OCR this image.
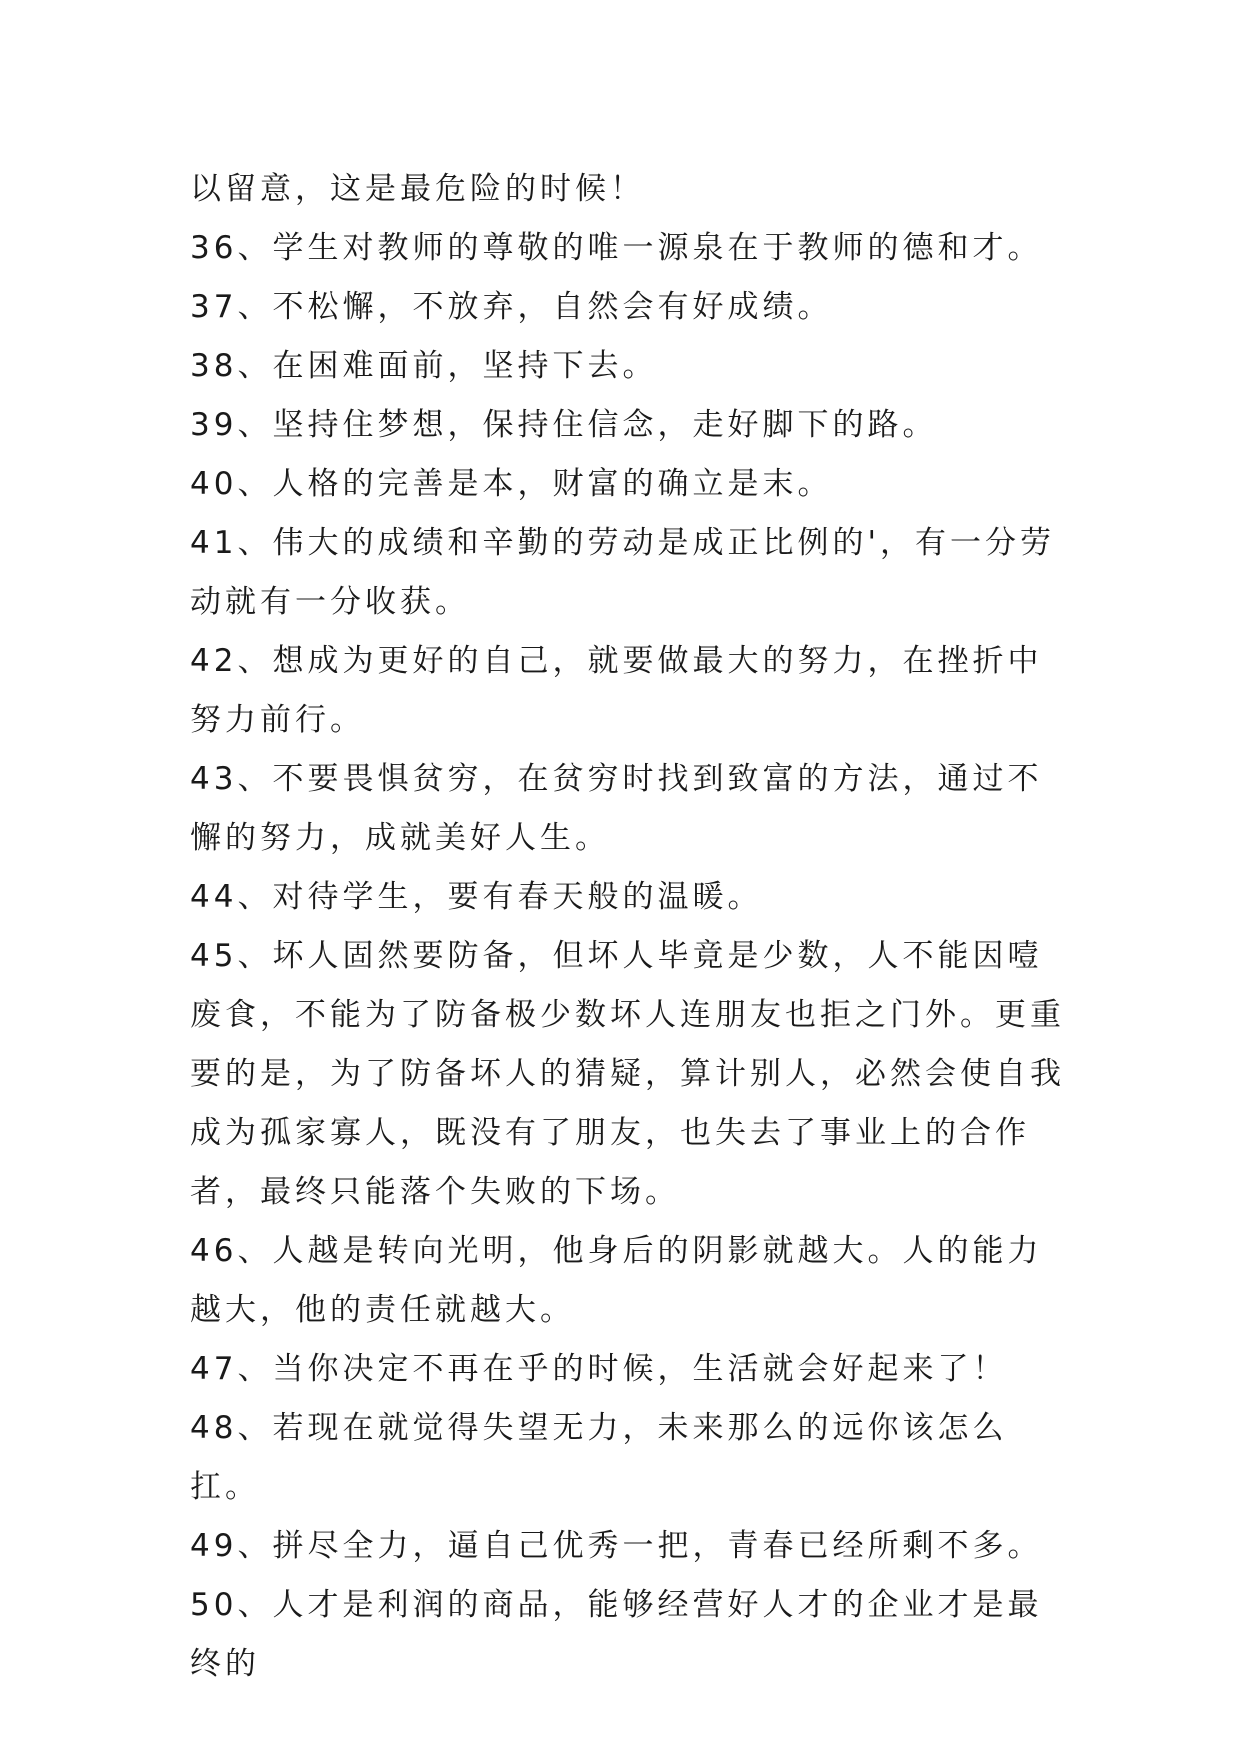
以留意，这是最危险的时候！

36、学生对教师的尊敬的唯一源泉在于教师的德和才。

37、不松懈，不放弃，自然会有好成绩。

38、在困难面前，坚持下去。

39、坚持住梦想，保持住信念，走好脚下的路。

40、人格的完善是本，财富的确立是末。

41、伟大的成绩和辛勤的劳动是成正比例的'，有一分劳动就有一分收获。

42、想成为更好的自己，就要做最大的努力，在挫折中努力前行。

43、不要畏惧贫穷，在贫穷时找到致富的方法，通过不懈的努力，成就美好人生。

44、对待学生，要有春天般的温暖。

45、坏人固然要防备，但坏人毕竟是少数，人不能因噎废食，不能为了防备极少数坏人连朋友也拒之门外。更重要的是，为了防备坏人的猜疑，算计别人，必然会使自我成为孤家寡人，既没有了朋友，也失去了事业上的合作者，最终只能落个失败的下场。

46、人越是转向光明，他身后的阴影就越大。人的能力越大，他的责任就越大。

47、当你决定不再在乎的时候，生活就会好起来了！

48、若现在就觉得失望无力，未来那么的远你该怎么扛。

49、拼尽全力，逼自己优秀一把，青春已经所剩不多。

50、人才是利润的商品，能够经营好人才的企业才是最终的
